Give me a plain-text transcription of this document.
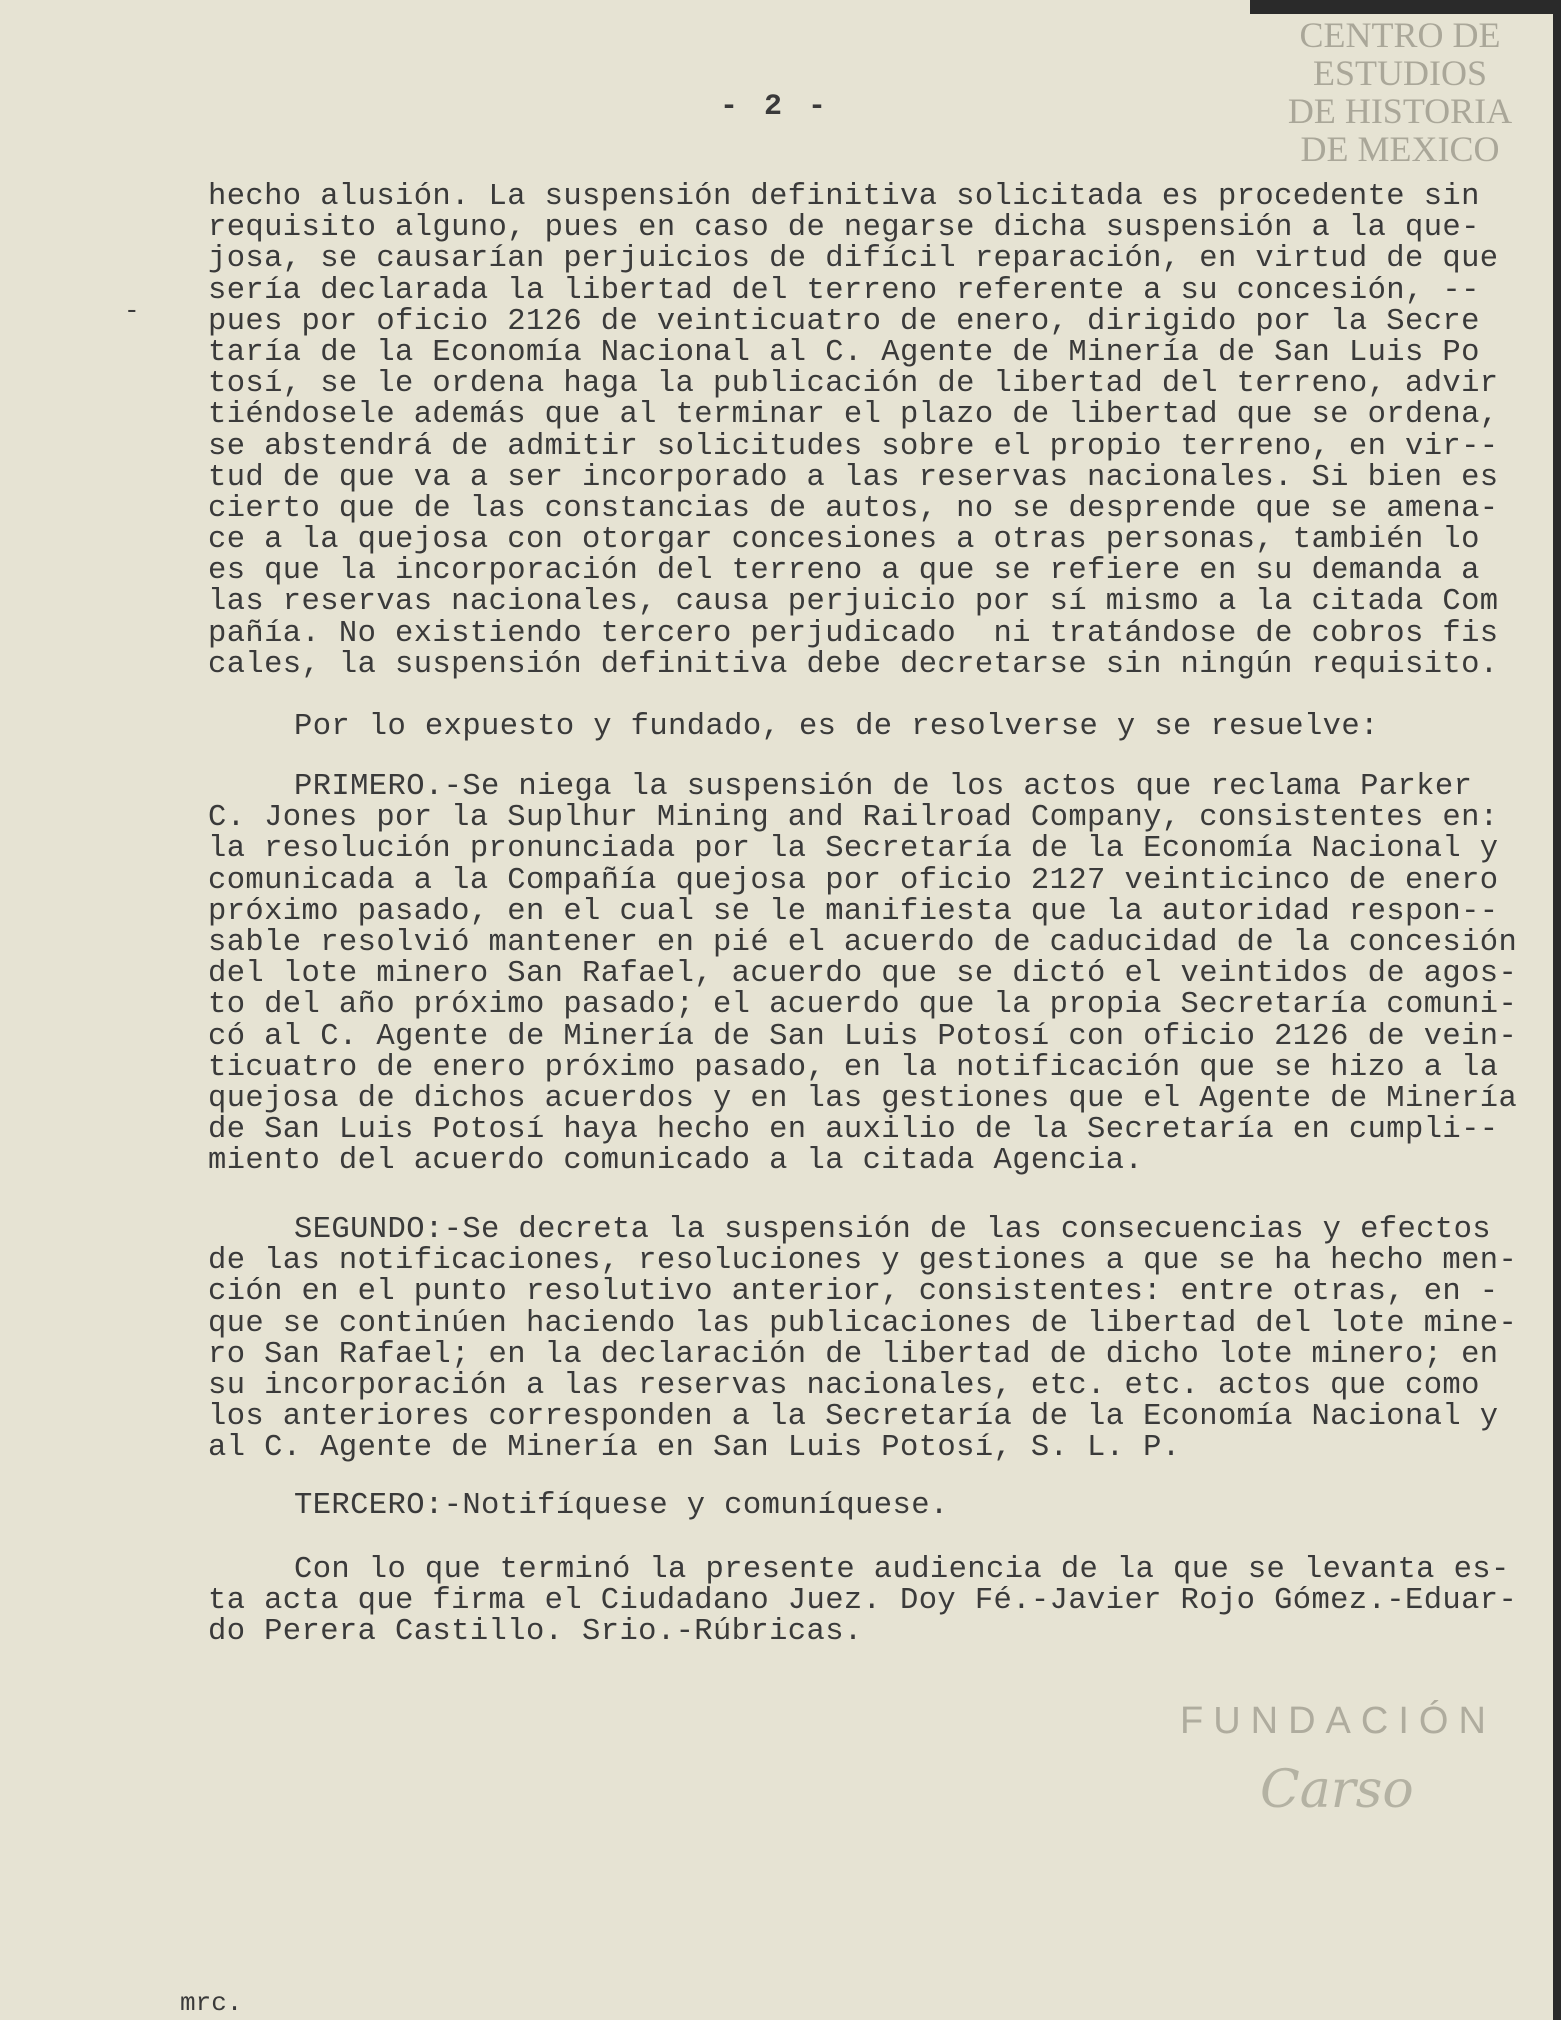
CENTRO DE
ESTUDIOS
DE HISTORIA
DE MEXICO
FUNDACIÓN
Carso
- 2 -
-
hecho alusión. La suspensión definitiva solicitada es procedente sin
requisito alguno, pues en caso de negarse dicha suspensión a la que-
josa, se causarían perjuicios de difícil reparación, en virtud de que
sería declarada la libertad del terreno referente a su concesión, --
pues por oficio 2126 de veinticuatro de enero, dirigido por la Secre
taría de la Economía Nacional al C. Agente de Minería de San Luis Po
tosí, se le ordena haga la publicación de libertad del terreno, advir
tiéndosele además que al terminar el plazo de libertad que se ordena,
se abstendrá de admitir solicitudes sobre el propio terreno, en vir--
tud de que va a ser incorporado a las reservas nacionales. Si bien es
cierto que de las constancias de autos, no se desprende que se amena-
ce a la quejosa con otorgar concesiones a otras personas, también lo
es que la incorporación del terreno a que se refiere en su demanda a
las reservas nacionales, causa perjuicio por sí mismo a la citada Com
pañía. No existiendo tercero perjudicado  ni tratándose de cobros fis
cales, la suspensión definitiva debe decretarse sin ningún requisito.
Por lo expuesto y fundado, es de resolverse y se resuelve:
PRIMERO.-Se niega la suspensión de los actos que reclama Parker
C. Jones por la Suplhur Mining and Railroad Company, consistentes en:
la resolución pronunciada por la Secretaría de la Economía Nacional y
comunicada a la Compañía quejosa por oficio 2127 veinticinco de enero
próximo pasado, en el cual se le manifiesta que la autoridad respon--
sable resolvió mantener en pié el acuerdo de caducidad de la concesión
del lote minero San Rafael, acuerdo que se dictó el veintidos de agos-
to del año próximo pasado; el acuerdo que la propia Secretaría comuni-
có al C. Agente de Minería de San Luis Potosí con oficio 2126 de vein-
ticuatro de enero próximo pasado, en la notificación que se hizo a la
quejosa de dichos acuerdos y en las gestiones que el Agente de Minería
de San Luis Potosí haya hecho en auxilio de la Secretaría en cumpli--
miento del acuerdo comunicado a la citada Agencia.
SEGUNDO:-Se decreta la suspensión de las consecuencias y efectos
de las notificaciones, resoluciones y gestiones a que se ha hecho men-
ción en el punto resolutivo anterior, consistentes: entre otras, en -
que se continúen haciendo las publicaciones de libertad del lote mine-
ro San Rafael; en la declaración de libertad de dicho lote minero; en
su incorporación a las reservas nacionales, etc. etc. actos que como
los anteriores corresponden a la Secretaría de la Economía Nacional y
al C. Agente de Minería en San Luis Potosí, S. L. P.
TERCERO:-Notifíquese y comuníquese.
Con lo que terminó la presente audiencia de la que se levanta es-
ta acta que firma el Ciudadano Juez. Doy Fé.-Javier Rojo Gómez.-Eduar-
do Perera Castillo. Srio.-Rúbricas.
mrc.
